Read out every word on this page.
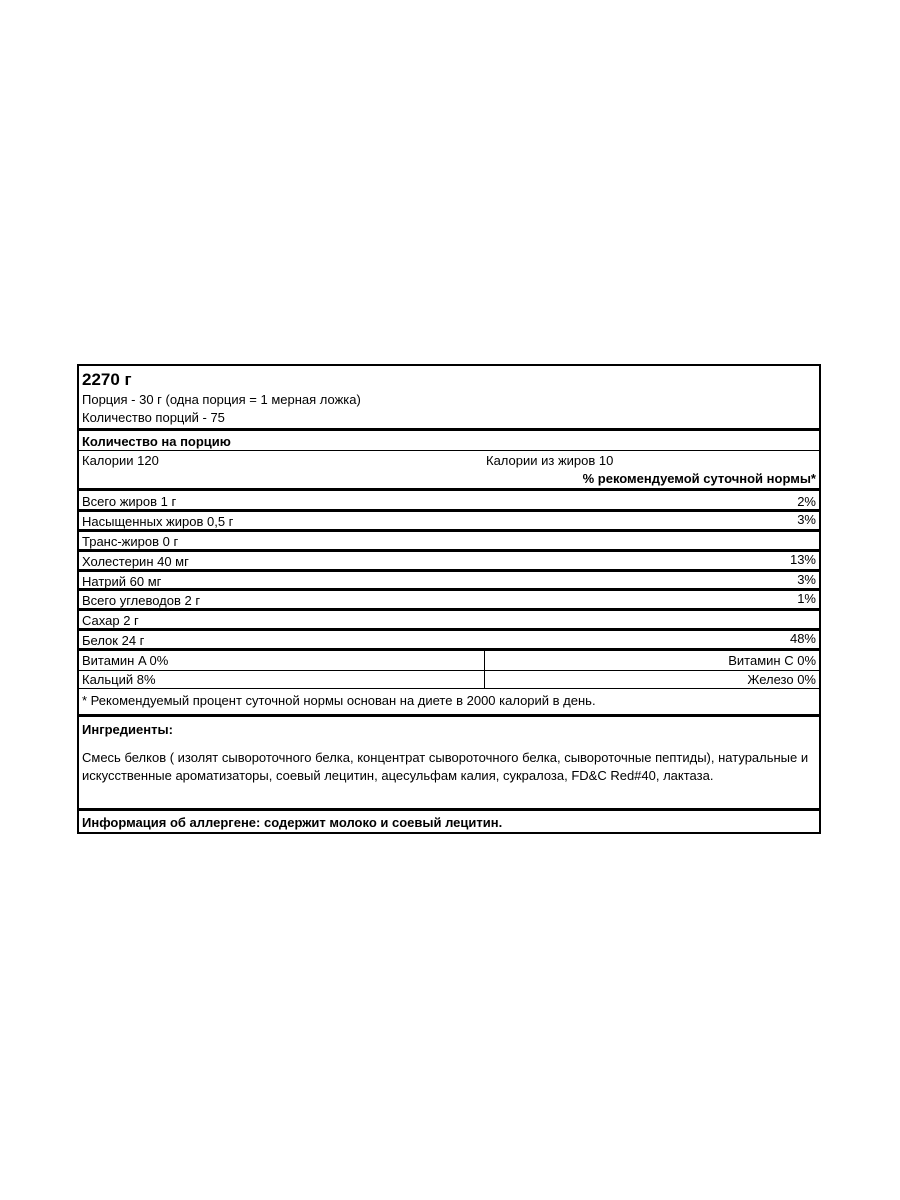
2270 г
Порция - 30 г (одна порция = 1 мерная ложка)
Количество порций - 75
Количество на порцию
Калории 120	Калории из жиров 10
% рекомендуемой суточной нормы*
Всего жиров 1 г	2%
Насыщенных жиров 0,5 г	3%
Транс-жиров 0 г
Холестерин 40 мг	13%
Натрий 60 мг	3%
Всего углеводов 2 г	1%
Сахар 2 г
Белок 24 г	48%
Витамин A 0%	Витамин C 0%
Кальций 8%	Железо 0%
* Рекомендуемый процент суточной нормы основан на диете в 2000 калорий в день.
Ингредиенты:
Смесь белков ( изолят сывороточного белка, концентрат сывороточного белка, сывороточные пептиды), натуральные и искусственные ароматизаторы, соевый лецитин, ацесульфам калия, сукралоза, FD&C Red#40, лактаза.
Информация об аллергене: содержит молоко и соевый лецитин.
